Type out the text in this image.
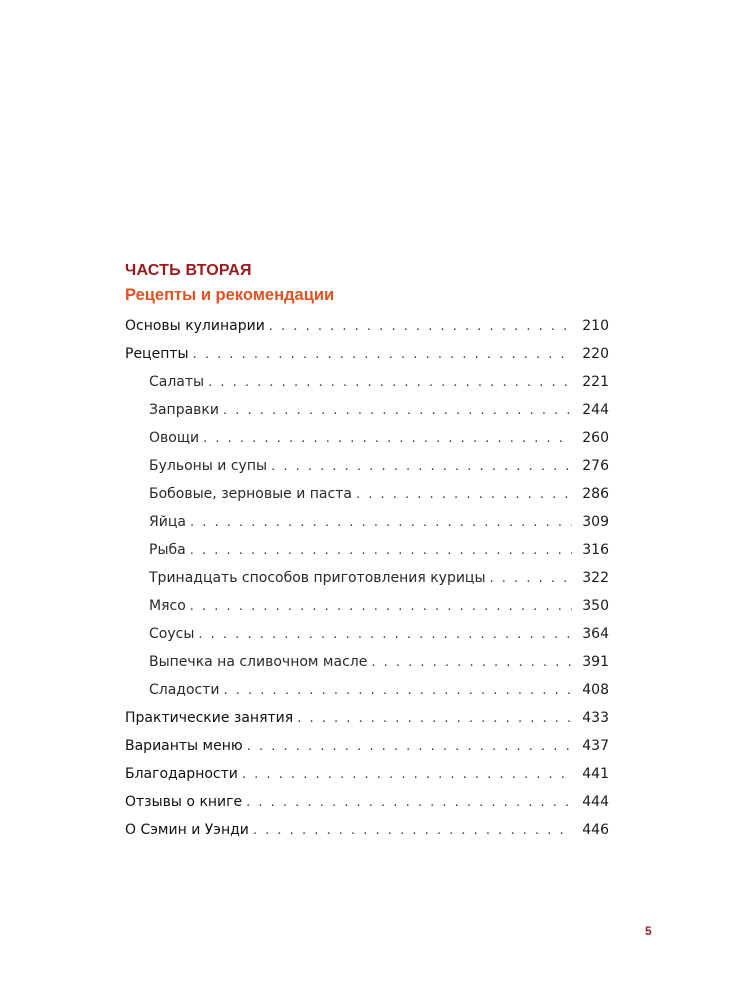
ЧАСТЬ ВТОРАЯ
Рецепты и рекомендации
Основы кулинарии . . .	210
Рецепты . . .	220
Салаты . . .	221
Заправки . . .	244
Овощи . . .	260
Бульоны и супы . . .	276
Бобовые, зерновые и паста . . .	286
Яйца . . .	309
Рыба . . .	316
Тринадцать способов приготовления курицы . . .	322
Мясо . . .	350
Соусы . . .	364
Выпечка на сливочном масле . . .	391
Сладости . . .	408
Практические занятия . . .	433
Варианты меню . . .	437
Благодарности . . .	441
Отзывы о книге . . .	444
О Сэмин и Уэнди . . .	446
5
